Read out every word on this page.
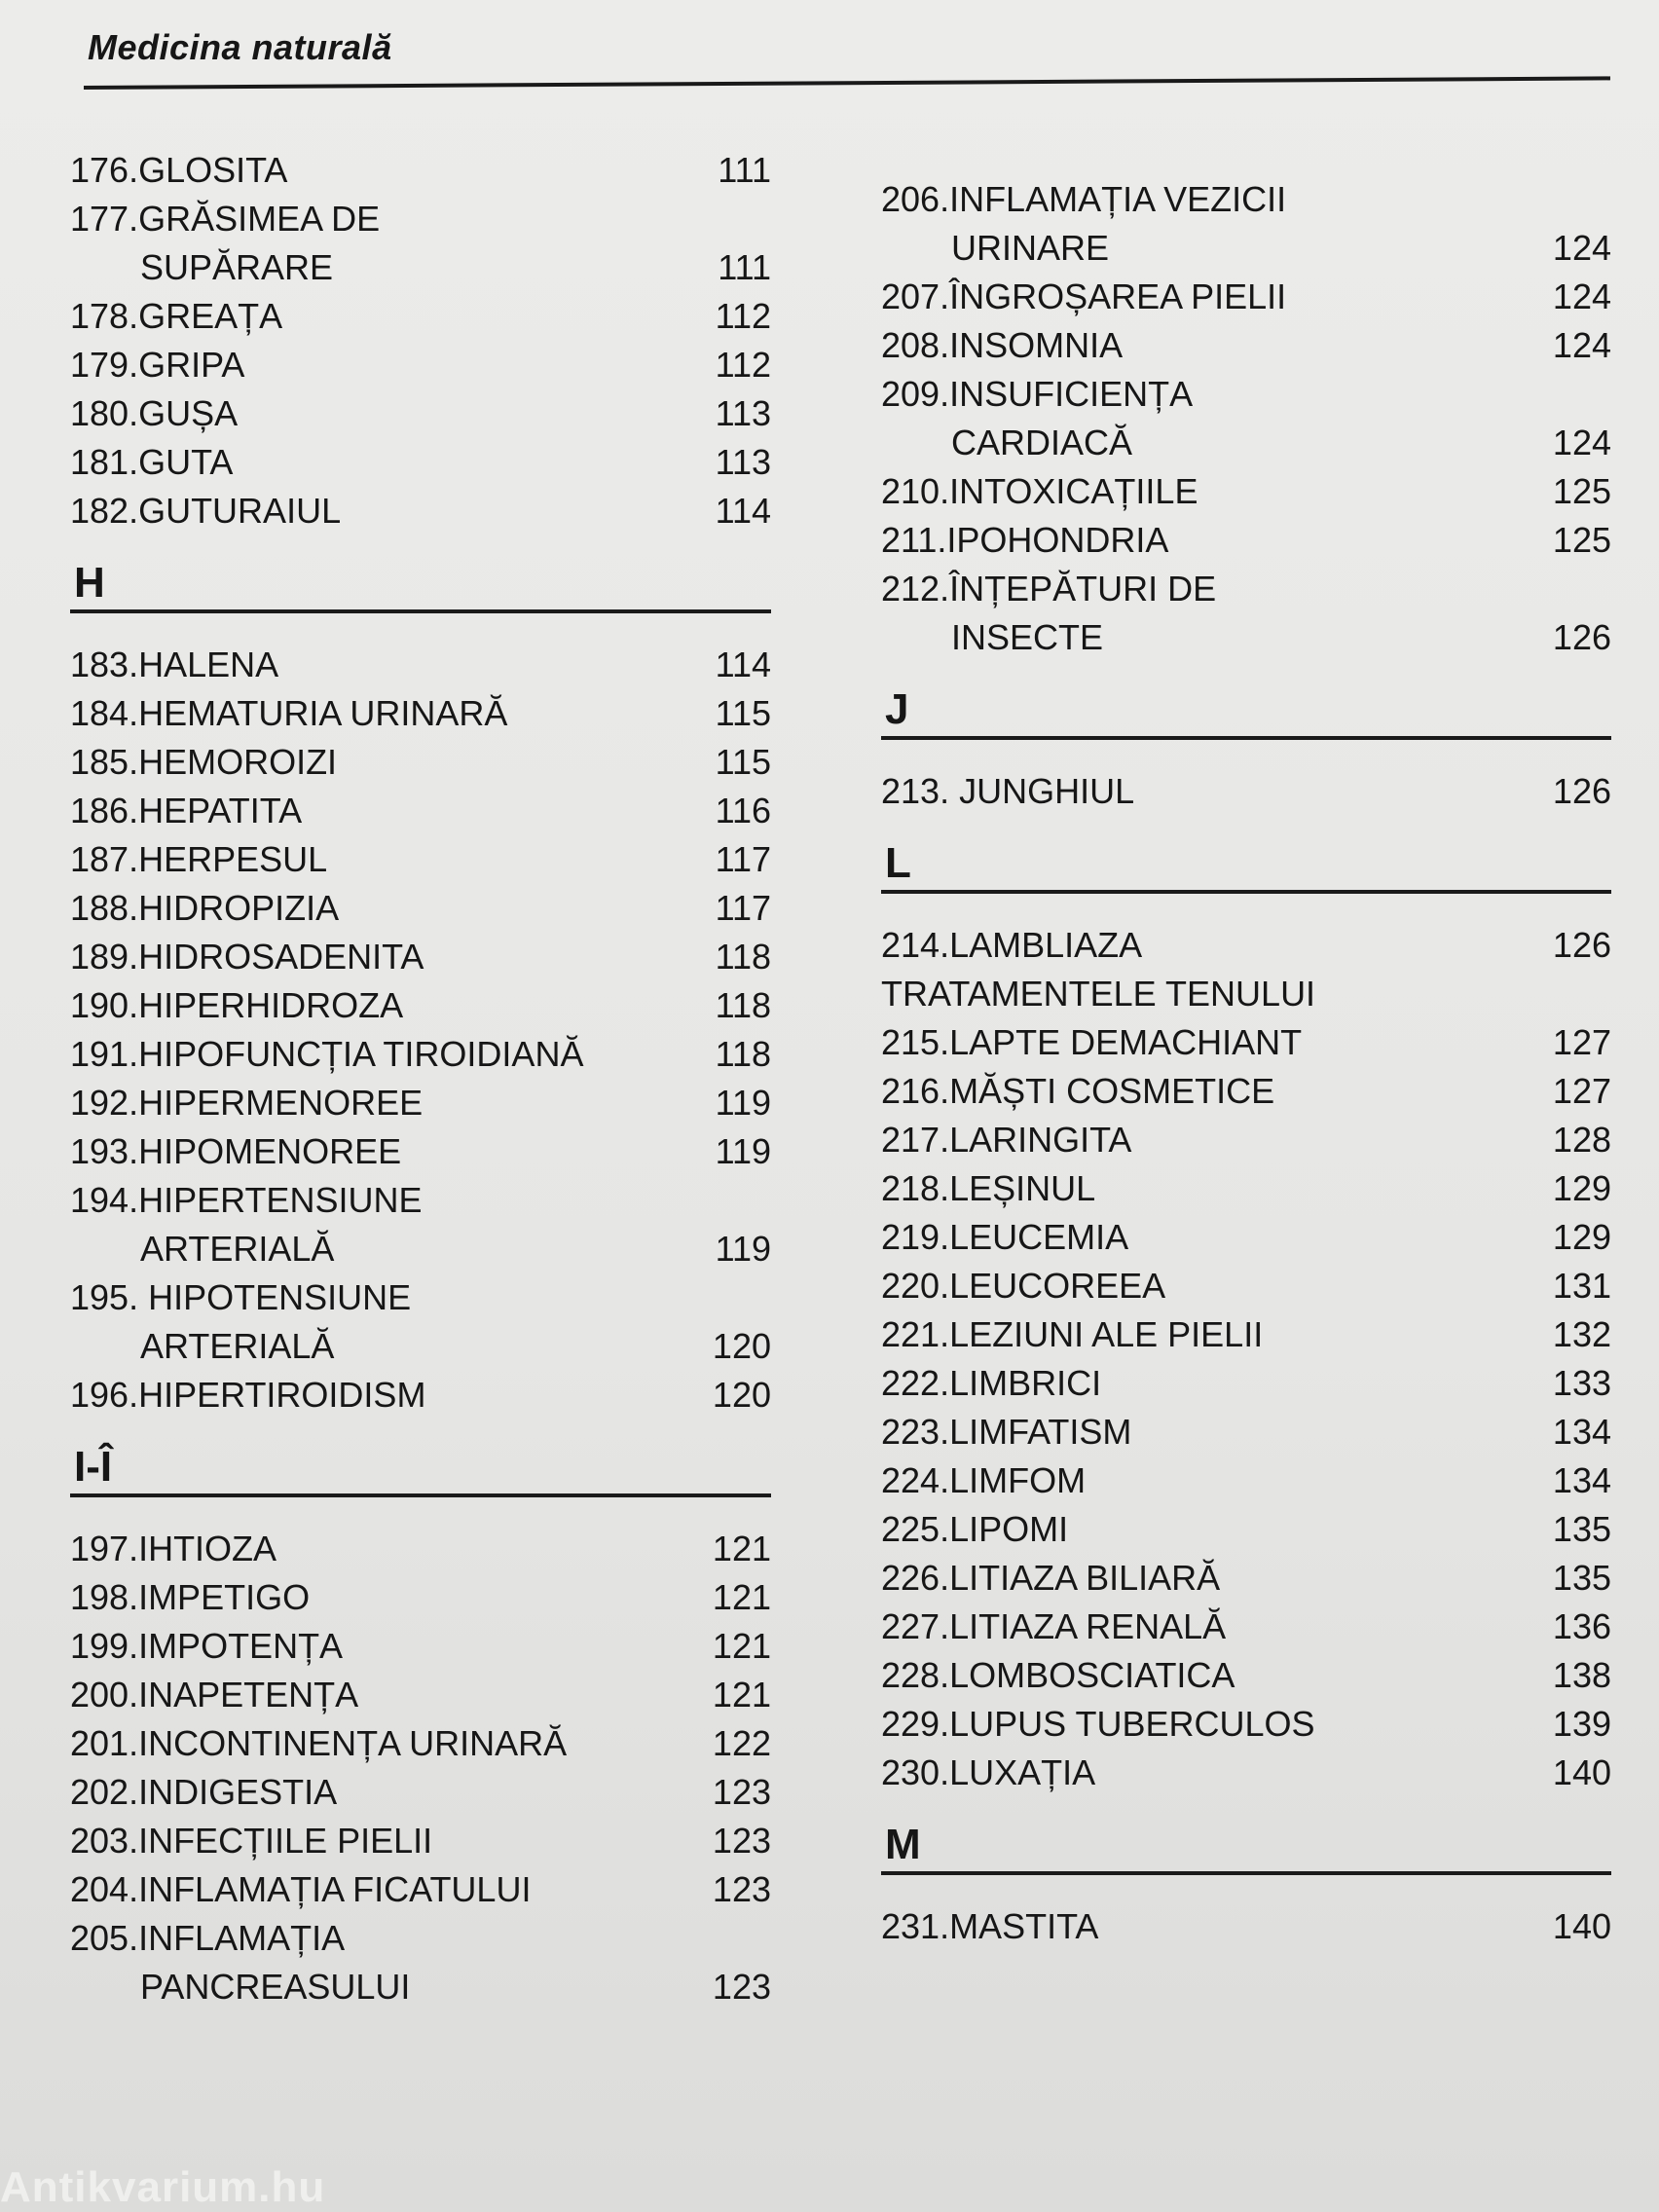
Medicina naturală
176.GLOSITA	111
177.GRĂSIMEA DE
SUPĂRARE	111
178.GREAȚA	112
179.GRIPA	112
180.GUȘA	113
181.GUTA	113
182.GUTURAIUL	114
H
183.HALENA	114
184.HEMATURIA URINARĂ	115
185.HEMOROIZI	115
186.HEPATITA	116
187.HERPESUL	117
188.HIDROPIZIA	117
189.HIDROSADENITA	118
190.HIPERHIDROZA	118
191.HIPOFUNCȚIA TIROIDIANĂ	118
192.HIPERMENOREE	119
193.HIPOMENOREE	119
194.HIPERTENSIUNE
ARTERIALĂ	119
195. HIPOTENSIUNE
ARTERIALĂ	120
196.HIPERTIROIDISM	120
I-Î
197.IHTIOZA	121
198.IMPETIGO	121
199.IMPOTENȚA	121
200.INAPETENȚA	121
201.INCONTINENȚA URINARĂ	122
202.INDIGESTIA	123
203.INFECȚIILE PIELII	123
204.INFLAMAȚIA FICATULUI	123
205.INFLAMAȚIA
PANCREASULUI	123
206.INFLAMAȚIA VEZICII
URINARE	124
207.ÎNGROȘAREA PIELII	124
208.INSOMNIA	124
209.INSUFICIENȚA
CARDIACĂ	124
210.INTOXICAȚIILE	125
211.IPOHONDRIA	125
212.ÎNȚEPĂTURI DE
INSECTE	126
J
213. JUNGHIUL	126
L
214.LAMBLIAZA	126
TRATAMENTELE TENULUI
215.LAPTE DEMACHIANT	127
216.MĂȘTI COSMETICE	127
217.LARINGITA	128
218.LEȘINUL	129
219.LEUCEMIA	129
220.LEUCOREEA	131
221.LEZIUNI ALE PIELII	132
222.LIMBRICI	133
223.LIMFATISM	134
224.LIMFOM	134
225.LIPOMI	135
226.LITIAZA BILIARĂ	135
227.LITIAZA RENALĂ	136
228.LOMBOSCIATICA	138
229.LUPUS TUBERCULOS	139
230.LUXAȚIA	140
M
231.MASTITA	140
Antikvarium.hu
